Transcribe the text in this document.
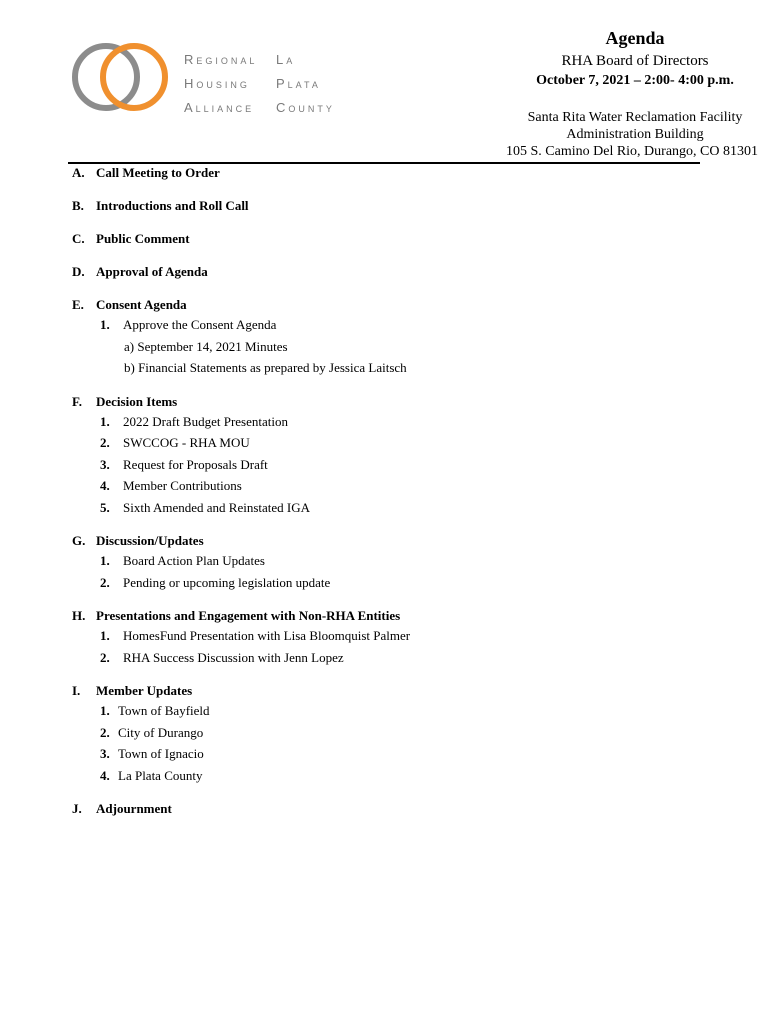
Regional	La
Housing	Plata
Alliance	County
Agenda
RHA Board of Directors
October 7, 2021 – 2:00- 4:00 p.m.
Santa Rita Water Reclamation Facility
Administration Building
105 S. Camino Del Rio, Durango, CO 81301
A. Call Meeting to Order
B. Introductions and Roll Call
C. Public Comment
D. Approval of Agenda
E. Consent Agenda
1.	Approve the Consent Agenda
a) September 14, 2021 Minutes
b) Financial Statements as prepared by Jessica Laitsch
F.	Decision Items
1.	2022 Draft Budget Presentation
2.	SWCCOG - RHA MOU
3.	Request for Proposals Draft
4.	Member Contributions
5.	Sixth Amended and Reinstated IGA
G. Discussion/Updates
1.	Board Action Plan Updates
2.	Pending or upcoming legislation update
H. Presentations and Engagement with Non-RHA Entities
1.	HomesFund Presentation with Lisa Bloomquist Palmer
2.	RHA Success Discussion with Jenn Lopez
I.	Member Updates
1. Town of Bayfield
2. City of Durango
3. Town of Ignacio
4. La Plata County
J.	Adjournment
